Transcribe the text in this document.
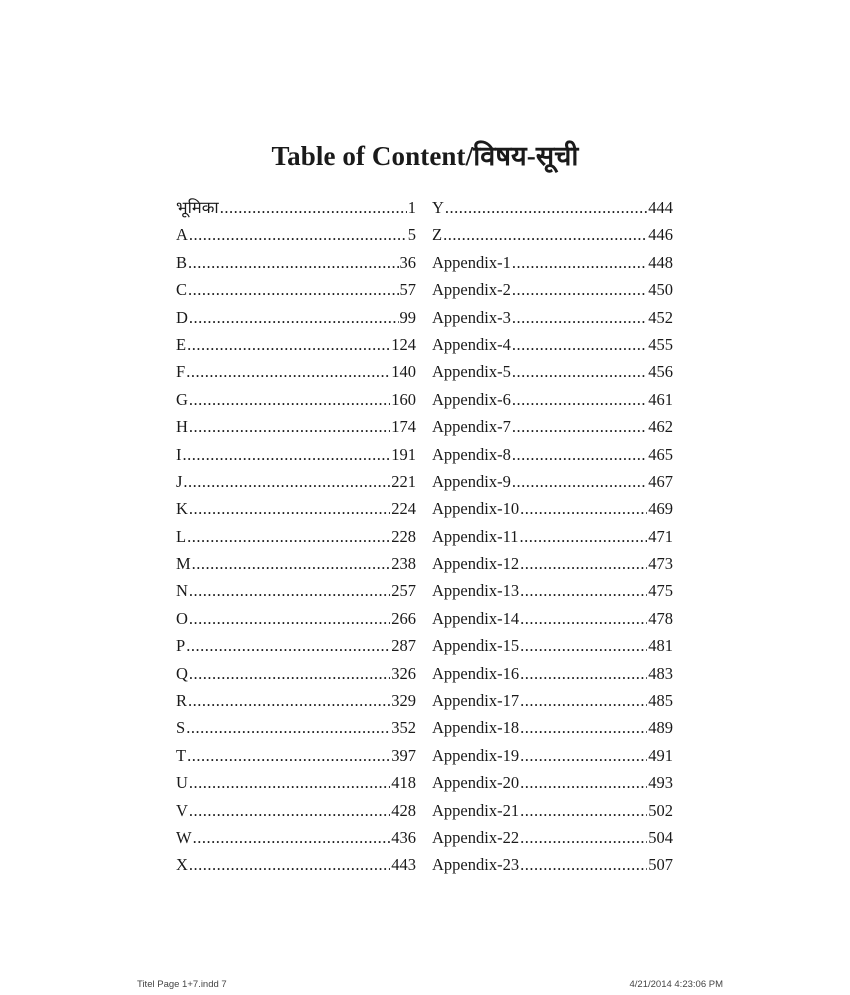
Table of Content/विषय-सूची
भूमिका .....	1
A .....	5
B .....	36
C .....	57
D .....	99
E .....	124
F .....	140
G .....	160
H .....	174
I .....	191
J .....	221
K .....	224
L .....	228
M .....	238
N .....	257
O .....	266
P .....	287
Q .....	326
R .....	329
S .....	352
T .....	397
U .....	418
V .....	428
W .....	436
X .....	443
Y .....	444
Z .....	446
Appendix-1 .....	448
Appendix-2 .....	450
Appendix-3 .....	452
Appendix-4 .....	455
Appendix-5 .....	456
Appendix-6 .....	461
Appendix-7 .....	462
Appendix-8 .....	465
Appendix-9 .....	467
Appendix-10 .....	469
Appendix-11 .....	471
Appendix-12 .....	473
Appendix-13 .....	475
Appendix-14 .....	478
Appendix-15 .....	481
Appendix-16 .....	483
Appendix-17 .....	485
Appendix-18 .....	489
Appendix-19 .....	491
Appendix-20 .....	493
Appendix-21 .....	502
Appendix-22 .....	504
Appendix-23 .....	507
Titel Page 1+7.indd 7	4/21/2014 4:23:06 PM
